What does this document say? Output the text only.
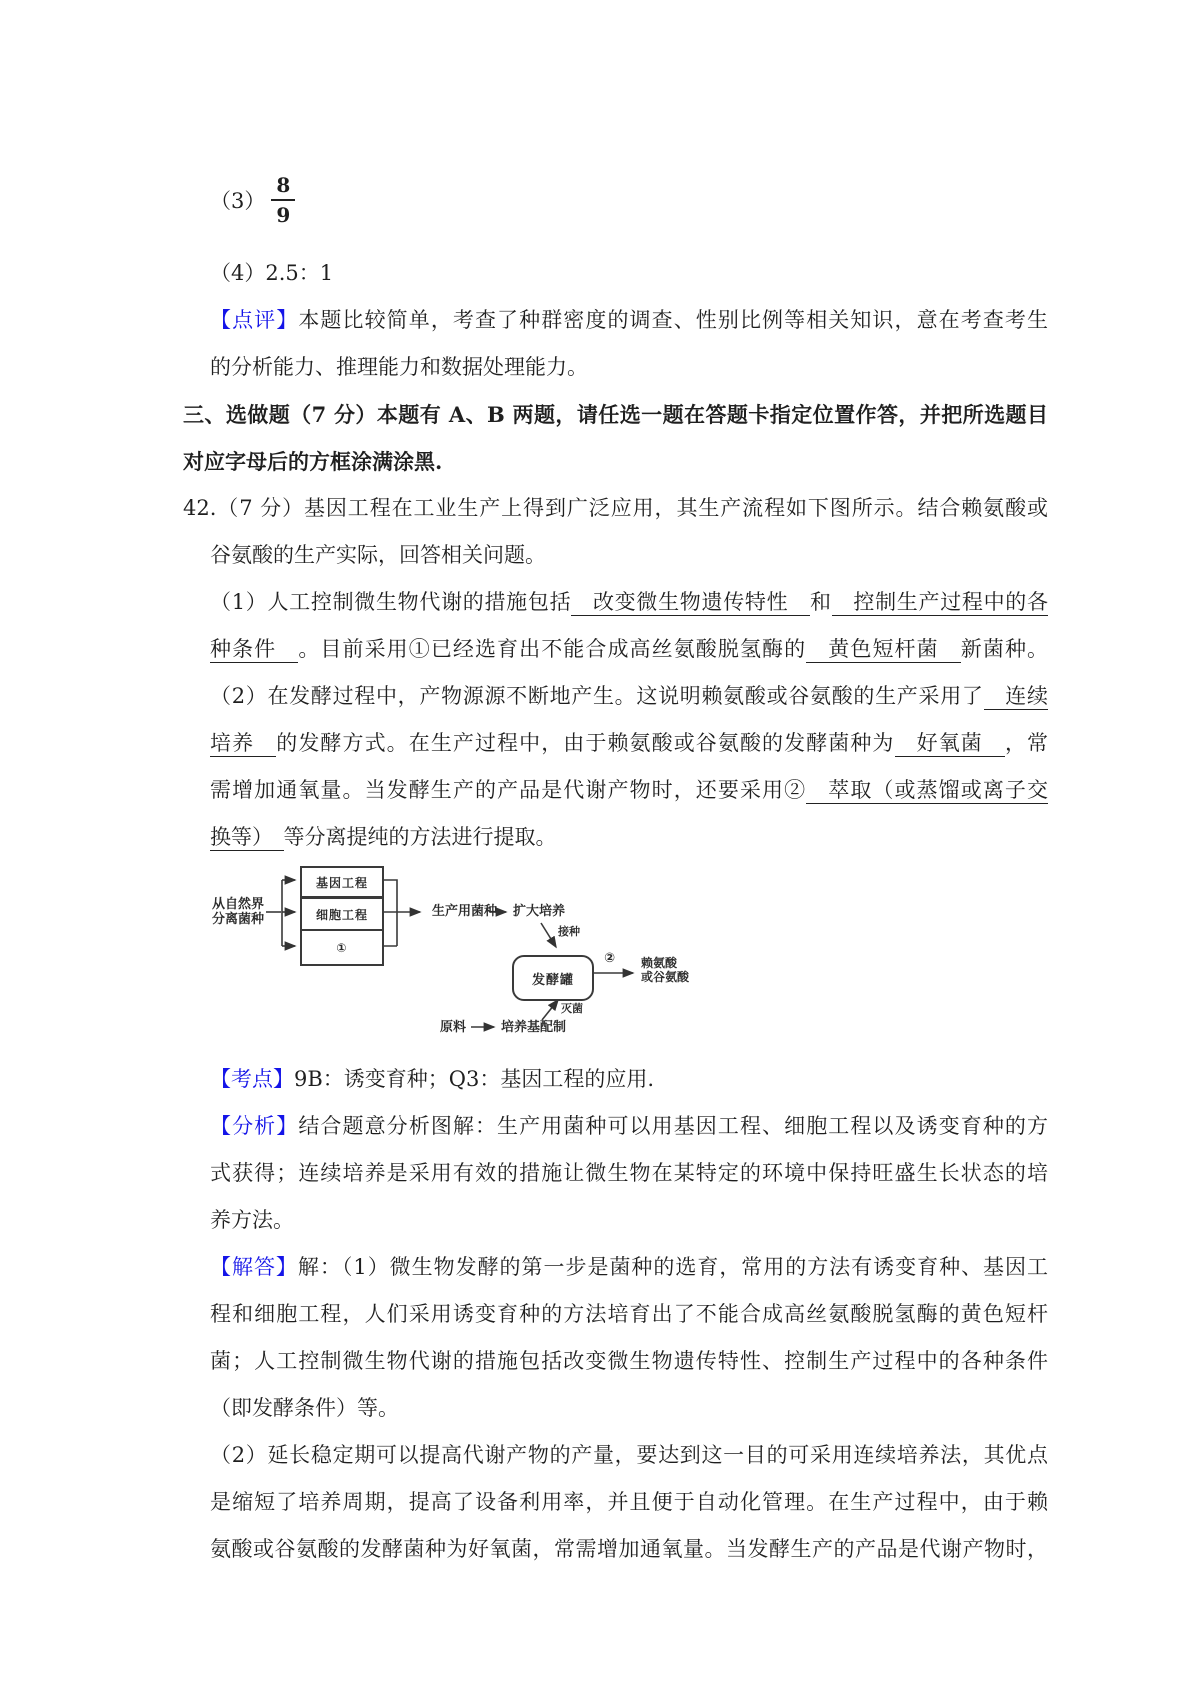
$(3) \frac{8}{9}$
（4）2.5：1
【点评】本题比较简单，考查了种群密度的调查、性别比例等相关知识，意在考查考生
的分析能力、推理能力和数据处理能力。
三、选做题（7 分）本题有 A、B 两题，请任选一题在答题卡指定位置作答，并把所选题目
对应字母后的方框涂满涂黑.
42.（7 分）基因工程在工业生产上得到广泛应用，其生产流程如下图所示。结合赖氨酸或
谷氨酸的生产实际，回答相关问题。
（1）人工控制微生物代谢的措施包括　改变微生物遗传特性　和　控制生产过程中的各
种条件　。目前采用①已经选育出不能合成高丝氨酸脱氢酶的　黄色短杆菌　新菌种。
（2）在发酵过程中，产物源源不断地产生。这说明赖氨酸或谷氨酸的生产采用了　连续
培养　的发酵方式。在生产过程中，由于赖氨酸或谷氨酸的发酵菌种为　好氧菌　，常
需增加通氧量。当发酵生产的产品是代谢产物时，还要采用②　萃取（或蒸馏或离子交
换等）　等分离提纯的方法进行提取。
从自然界
分离菌种
基因工程
细胞工程
①
生产用菌种 扩大培养
接种
发酵罐
② 赖氨酸
或谷氨酸
灭菌
原料	培养基配制
【考点】9B：诱变育种；Q3：基因工程的应用.
【分析】结合题意分析图解：生产用菌种可以用基因工程、细胞工程以及诱变育种的方
式获得；连续培养是采用有效的措施让微生物在某特定的环境中保持旺盛生长状态的培
养方法。
【解答】解：（1）微生物发酵的第一步是菌种的选育，常用的方法有诱变育种、基因工
程和细胞工程，人们采用诱变育种的方法培育出了不能合成高丝氨酸脱氢酶的黄色短杆
菌；人工控制微生物代谢的措施包括改变微生物遗传特性、控制生产过程中的各种条件
（即发酵条件）等。
（2）延长稳定期可以提高代谢产物的产量，要达到这一目的可采用连续培养法，其优点
是缩短了培养周期，提高了设备利用率，并且便于自动化管理。在生产过程中，由于赖
氨酸或谷氨酸的发酵菌种为好氧菌，常需增加通氧量。当发酵生产的产品是代谢产物时，
